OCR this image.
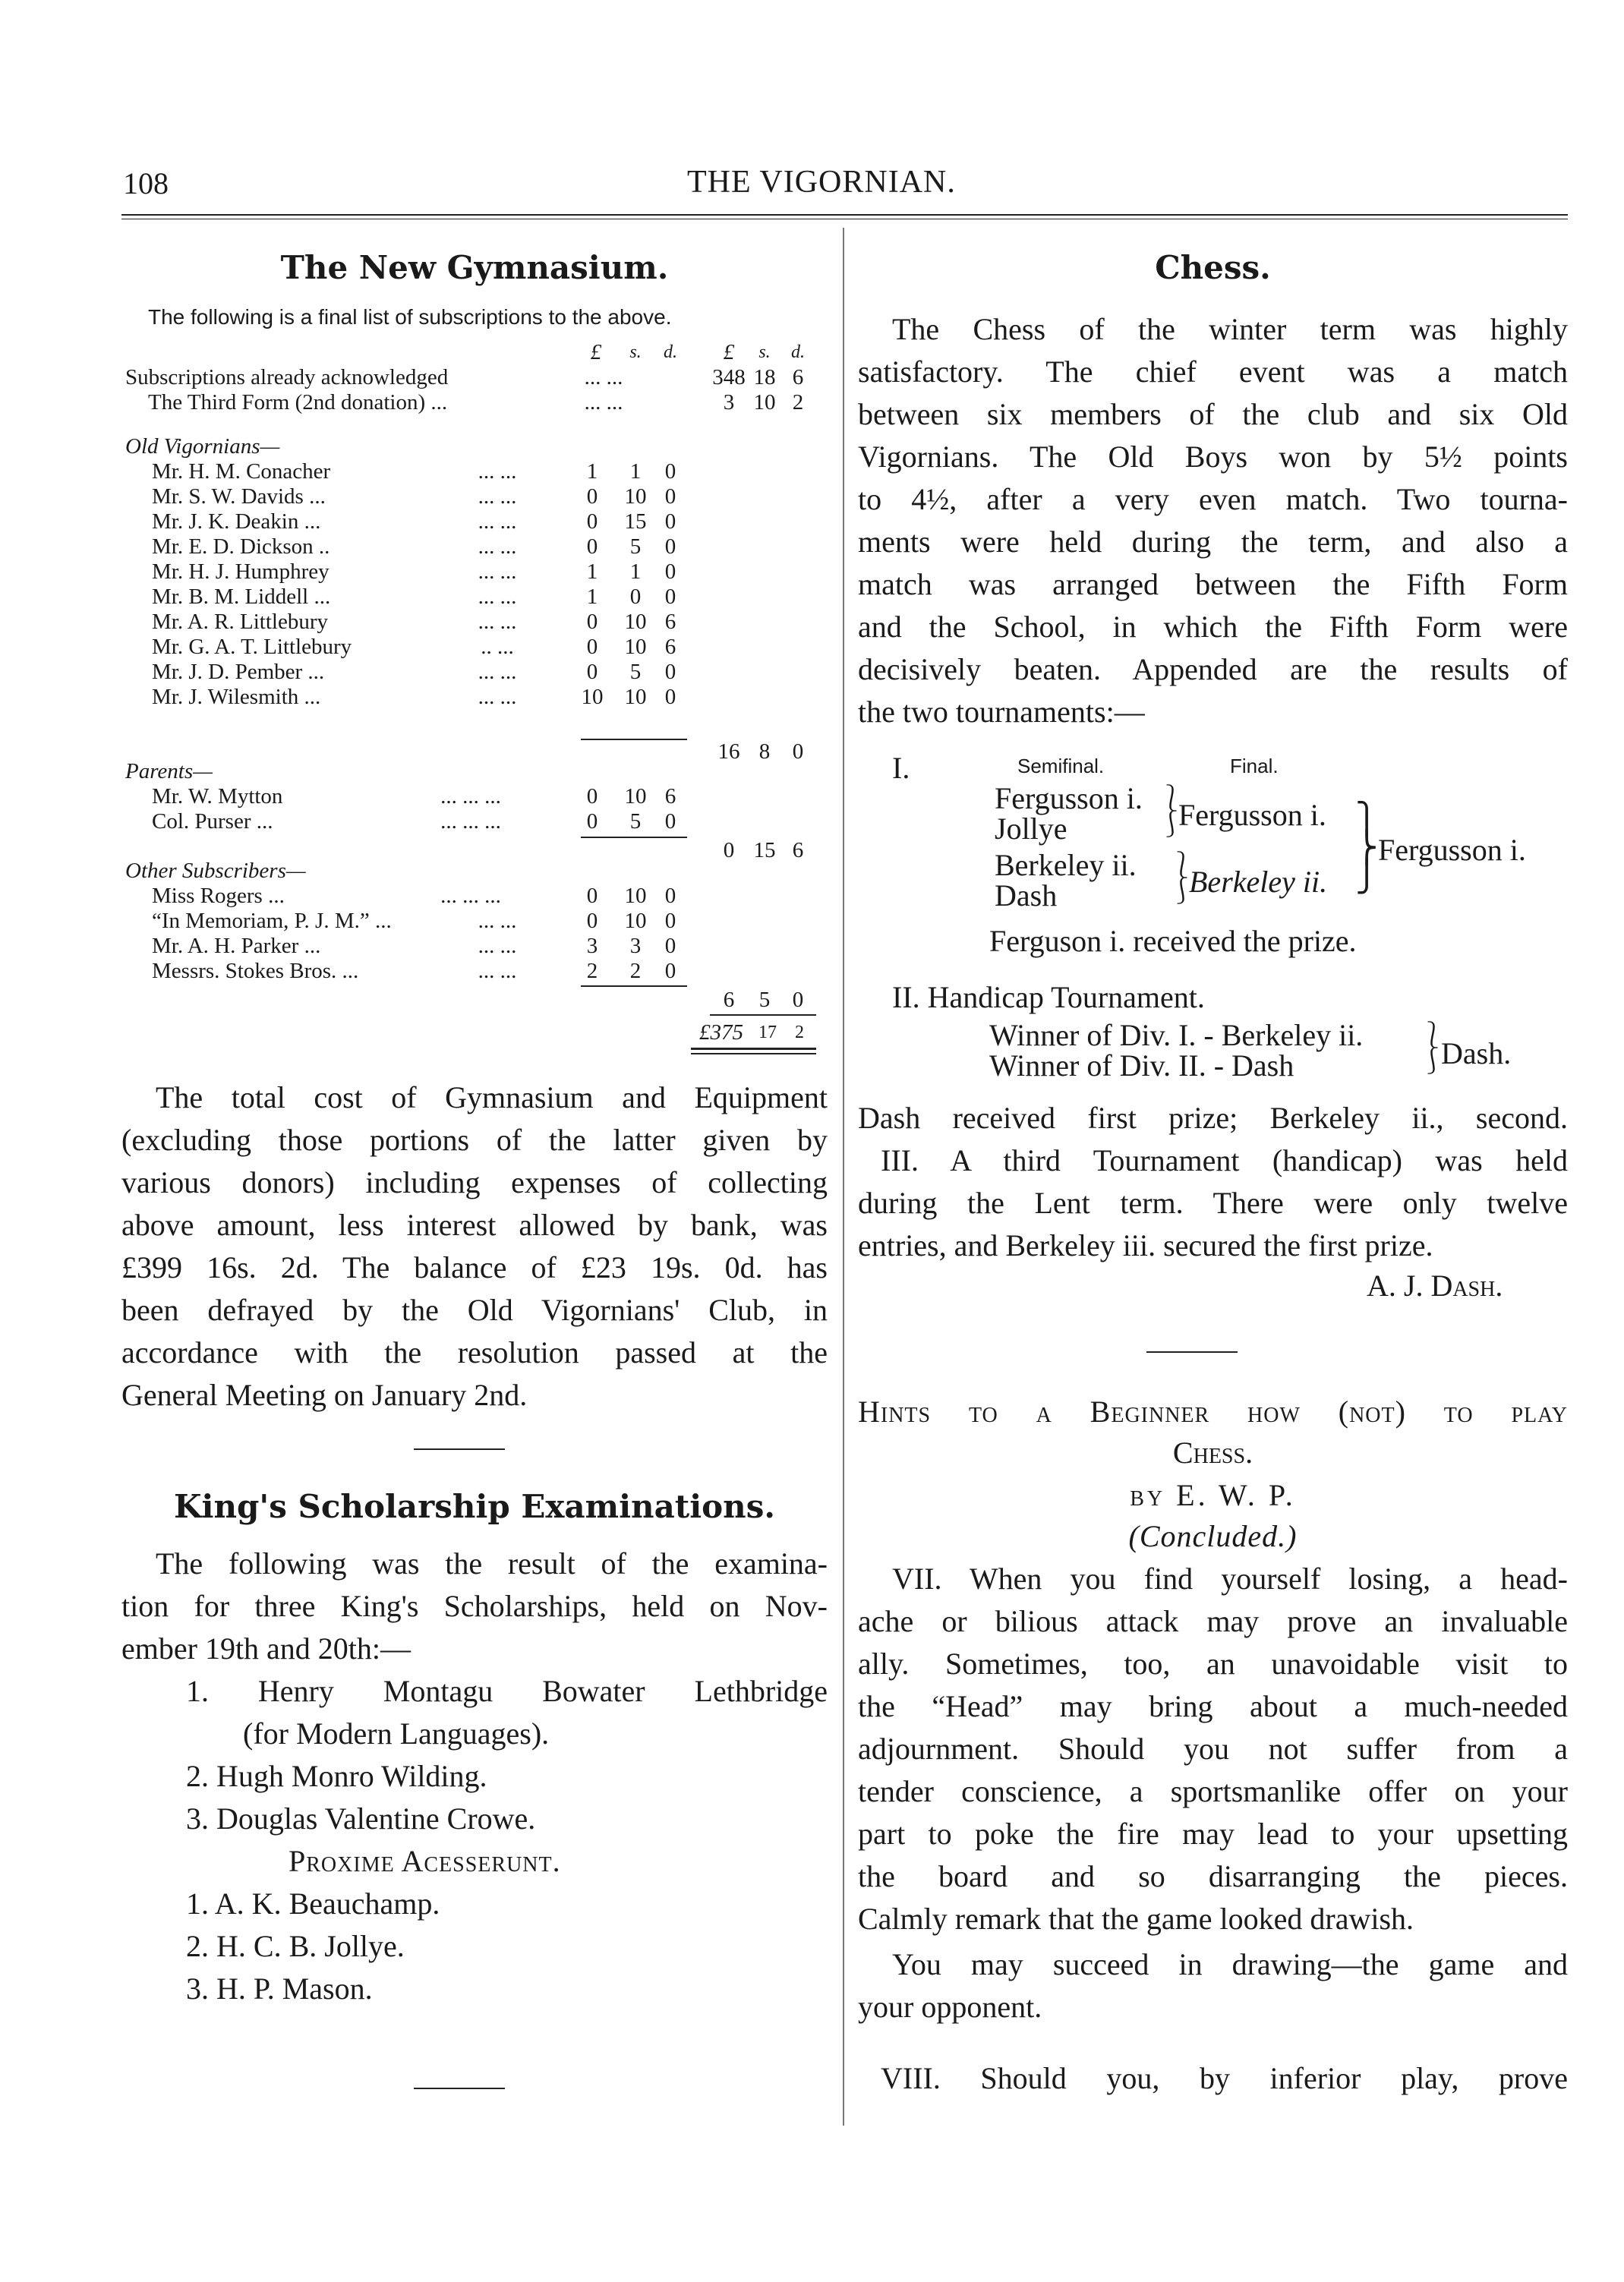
108	THE VIGORNIAN.
The New Gymnasium.
The following is a final list of subscriptions to the above.
£	s.	d.	£	s.	d.
Subscriptions already acknowledged	... ...	348 18 6
The Third Form (2nd donation) ...	... ...	3 10 2
Old Vigornians—
Mr. H. M. Conacher	... ...	1	1	0
Mr. S. W. Davids ...	... ...	0	10 0
Mr. J. K. Deakin ...	... ...	0	15 0
Mr. E. D. Dickson ..	... ...	0	5	0
Mr. H. J. Humphrey	... ...	1	1	0
Mr. B. M. Liddell ...	... ...	1	0	0
Mr. A. R. Littlebury	... ...	0	10 6
Mr. G. A. T. Littlebury	.. ...	0	10 6
Mr. J. D. Pember ...	... ...	0	5	0
Mr. J. Wilesmith ...	... ...	10 10 0
16 8	0
Parents—
Mr. W. Mytton	... ... ...	0	10 6
Col. Purser ...	... ... ...	0	5	0
0 15 6
Other Subscribers—
Miss Rogers ...	... ... ...	0	10 0
“In Memoriam, P. J. M.” ...	... ...	0	10 0
Mr. A. H. Parker ...	... ...	3	3	0
Messrs. Stokes Bros. ...	... ...	2	2	0
6	5	0
£375 17	2
The total cost of Gymnasium and Equipment
(excluding those portions of the latter given by
various donors) including expenses of collecting
above amount, less interest allowed by bank, was
£399 16s. 2d. The balance of £23 19s. 0d. has
been defrayed by the Old Vigornians' Club, in
accordance with the resolution passed at the
General Meeting on January 2nd.
King's Scholarship Examinations.
The following was the result of the examina-
tion for three King's Scholarships, held on Nov-
ember 19th and 20th:—
1. Henry Montagu Bowater Lethbridge
(for Modern Languages).
2. Hugh Monro Wilding.
3. Douglas Valentine Crowe.
Proxime Acesserunt.
1. A. K. Beauchamp.
2. H. C. B. Jollye.
3. H. P. Mason.
Chess.
The Chess of the winter term was highly
satisfactory. The chief event was a match
between six members of the club and six Old
Vigornians. The Old Boys won by 5½ points
to 4½, after a very even match. Two tourna-
ments were held during the term, and also a
match was arranged between the Fifth Form
and the School, in which the Fifth Form were
decisively beaten. Appended are the results of
the two tournaments:—
I.	Semifinal.	Final.
Fergusson i.
Jollye
Berkeley ii.
Dash
⎱
⎰
Fergusson i.
⎱
⎰
Berkeley ii.
⎫
⎬
⎭
Fergusson i.
Ferguson i. received the prize.
II. Handicap Tournament.
Winner of Div. I. - Berkeley ii.
Winner of Div. II. - Dash
⎱
⎰
Dash.
Dash received first prize; Berkeley ii., second.
III. A third Tournament (handicap) was held
during the Lent term. There were only twelve
entries, and Berkeley iii. secured the first prize.
A. J. Dash.
Hints to a Beginner how (not) to play
Chess.
by E. W. P.
(Concluded.)
VII. When you find yourself losing, a head-
ache or bilious attack may prove an invaluable
ally. Sometimes, too, an unavoidable visit to
the “Head” may bring about a much-needed
adjournment. Should you not suffer from a
tender conscience, a sportsmanlike offer on your
part to poke the fire may lead to your upsetting
the board and so disarranging the pieces.
Calmly remark that the game looked drawish.
You may succeed in drawing—the game and
your opponent.
VIII. Should you, by inferior play, prove
